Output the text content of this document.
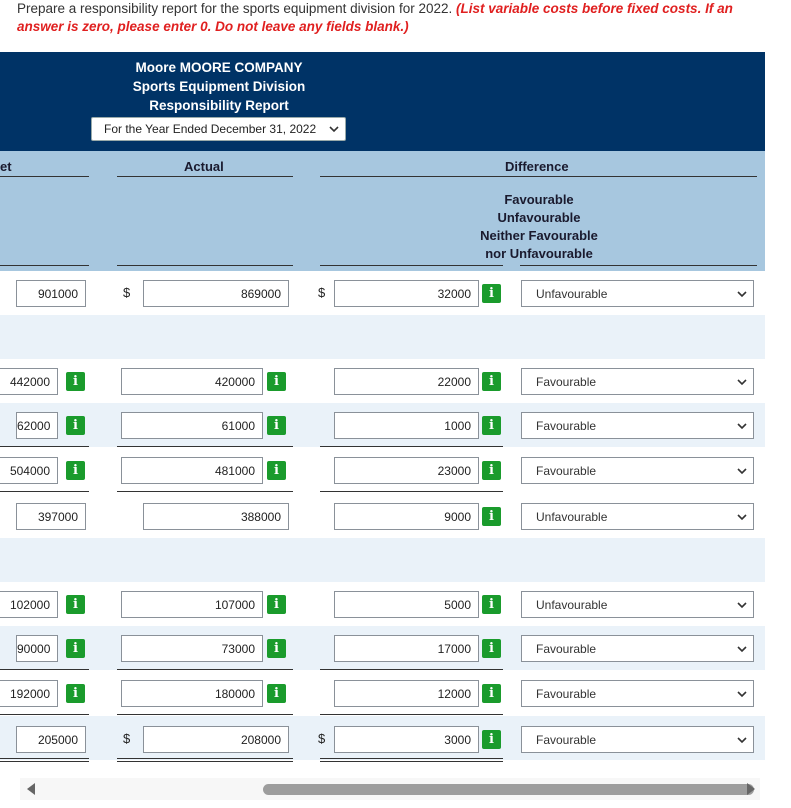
Prepare a responsibility report for the sports equipment division for 2022. (List variable costs before fixed costs. If an answer is zero, please enter 0. Do not leave any fields blank.)
Moore MOORE COMPANY
Sports Equipment Division
Responsibility Report
For the Year Ended December 31, 2022
et	Actual	Difference
Favourable
Unfavourable
Neither Favourable
nor Unfavourable
901000	$	869000	$	32000	i	Unfavourable
442000	i	420000	i	22000	i	Favourable
62000	i	61000	i	1000	i	Favourable
504000	i	481000	i	23000	i	Favourable
397000	388000	9000	i	Unfavourable
102000	i	107000	i	5000	i	Unfavourable
90000	i	73000	i	17000	i	Favourable
192000	i	180000	i	12000	i	Favourable
205000	$	208000	$	3000	i	Favourable
